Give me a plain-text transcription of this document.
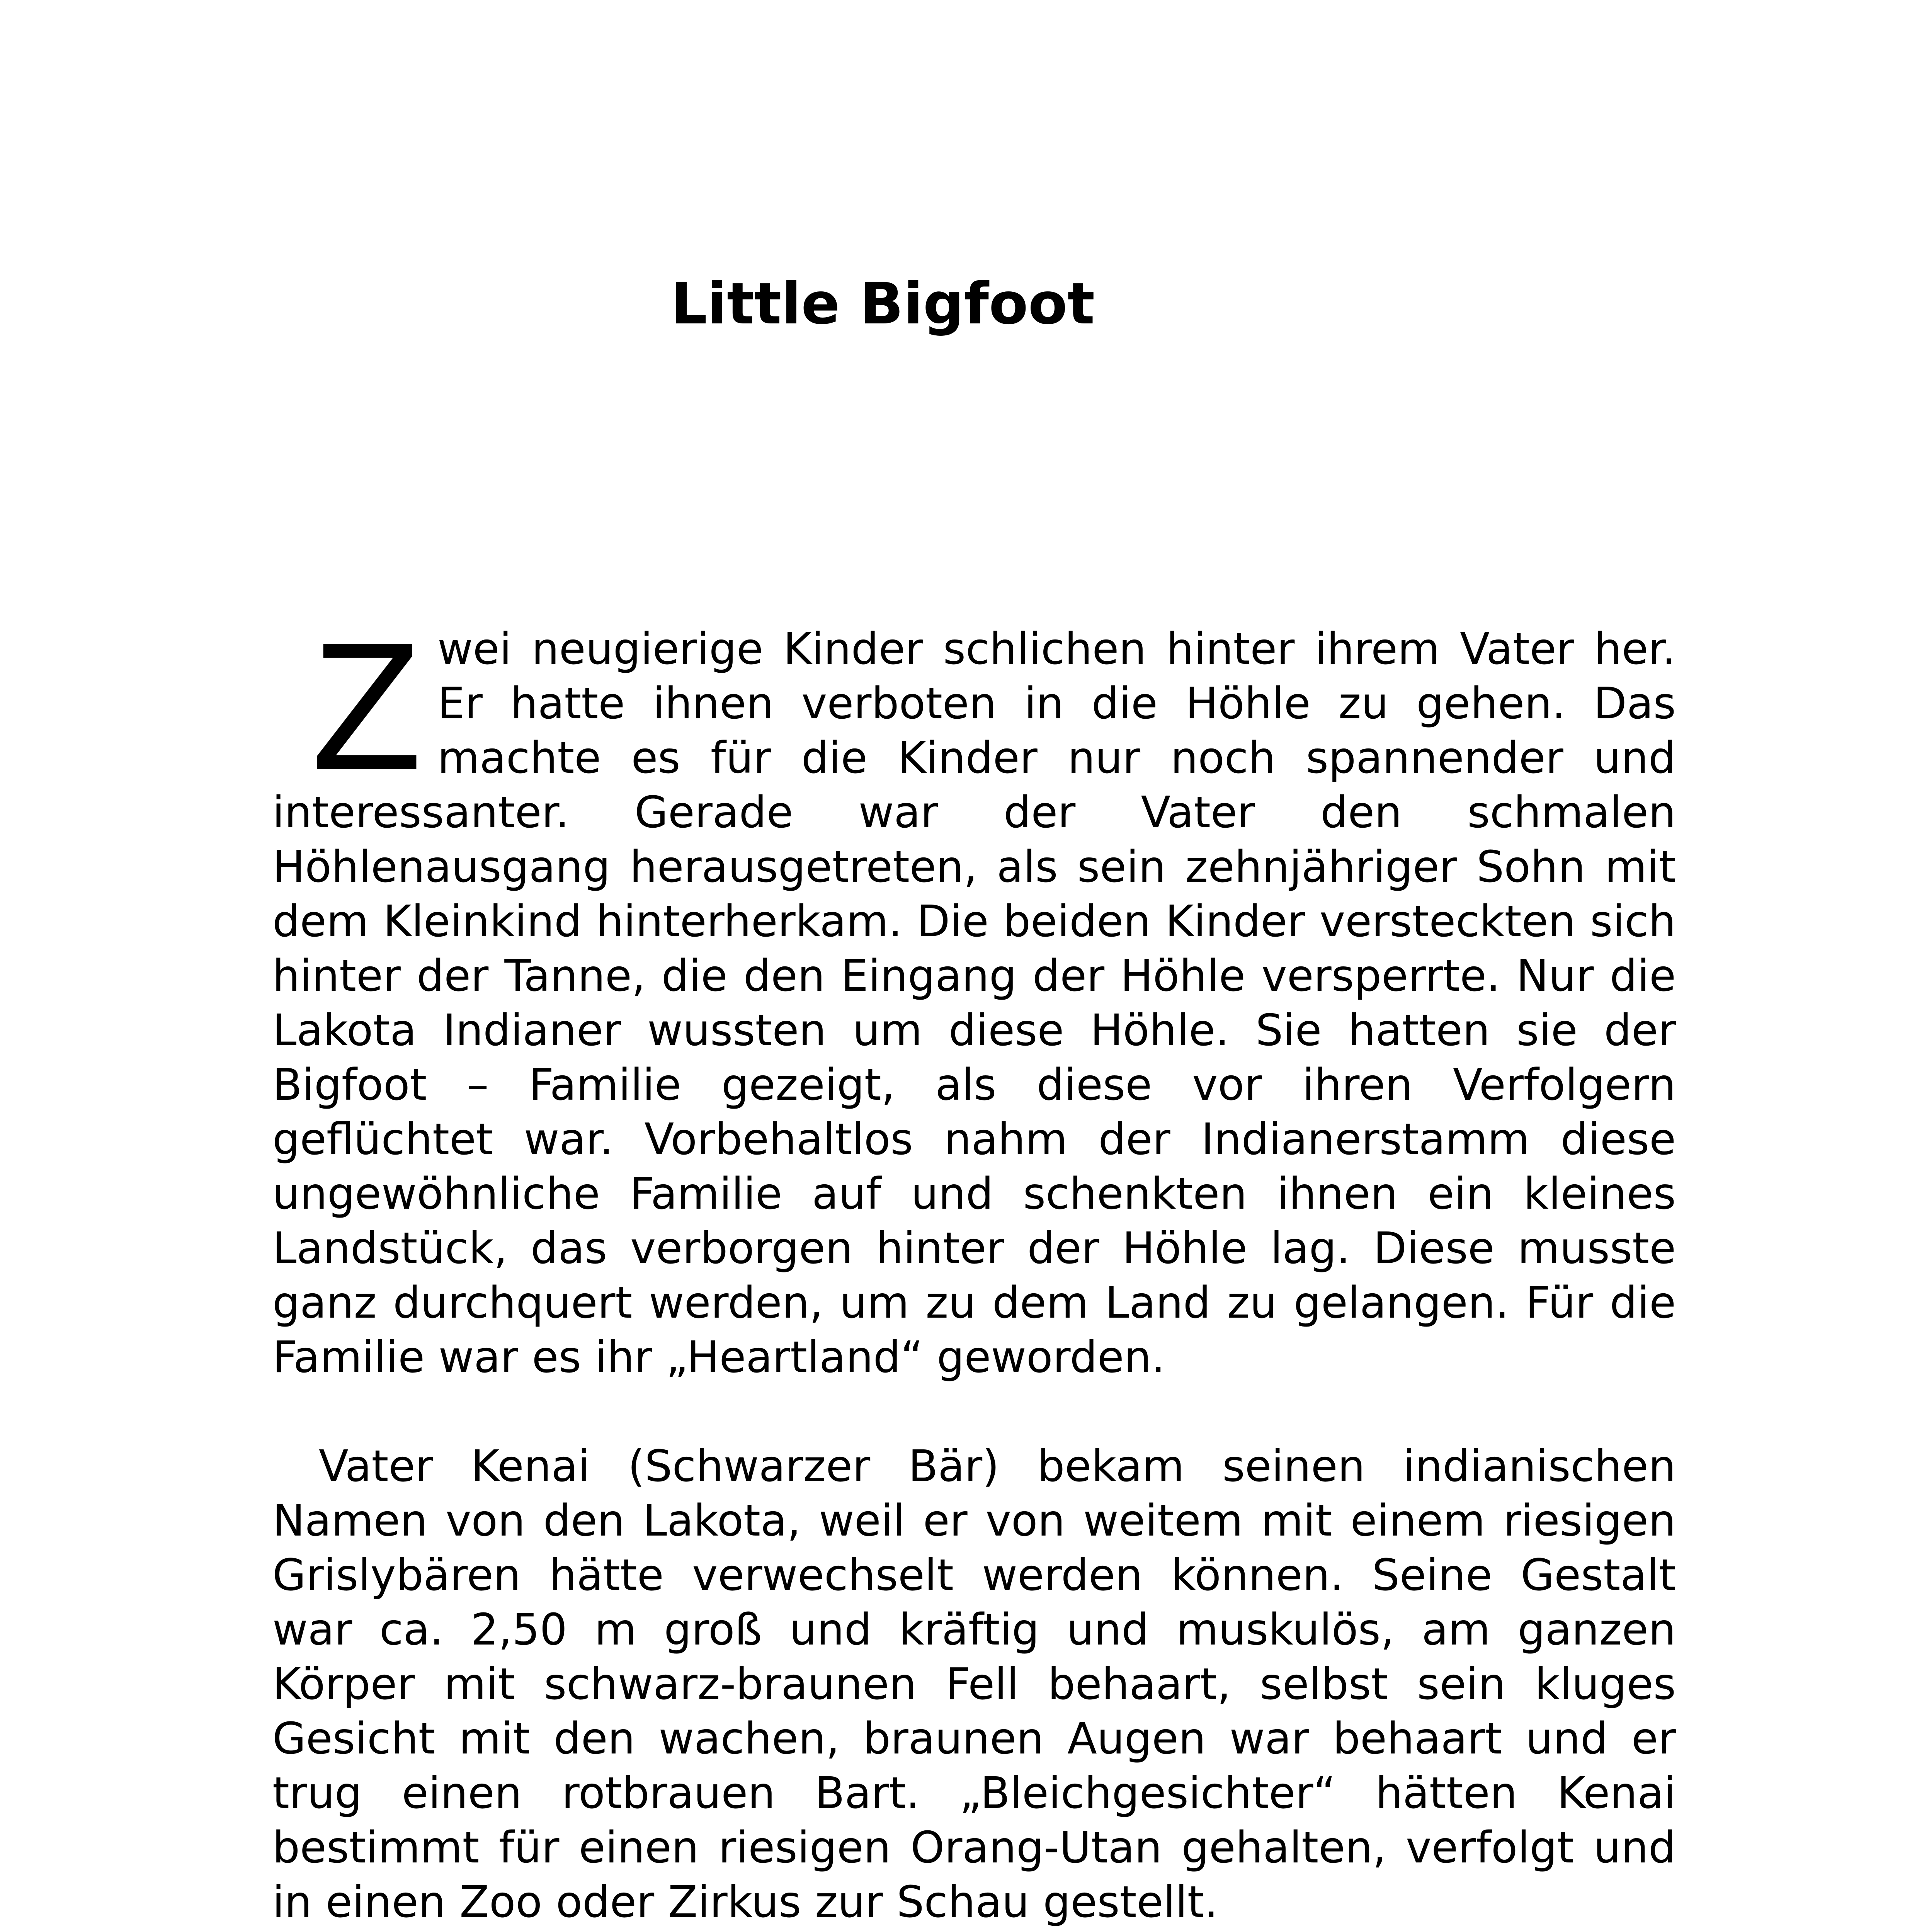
Little Bigfoot

Z wei neugierige Kinder schlichen hinter ihrem Vater her. Er hatte ihnen verboten in die Höhle zu gehen. Das machte es für die Kinder nur noch spannender und interessanter. Gerade war der Vater den schmalen Höhlenausgang herausgetreten, als sein zehnjähriger Sohn mit dem Kleinkind hinterherkam. Die beiden Kinder versteckten sich hinter der Tanne, die den Eingang der Höhle versperrte. Nur die Lakota Indianer wussten um diese Höhle. Sie hatten sie der Bigfoot – Familie gezeigt, als diese vor ihren Verfolgern geflüchtet war. Vorbehaltlos nahm der Indianerstamm diese ungewöhnliche Familie auf und schenkten ihnen ein kleines Landstück, das verborgen hinter der Höhle lag. Diese musste ganz durchquert werden, um zu dem Land zu gelangen. Für die Familie war es ihr „Heartland“ geworden.

Vater Kenai (Schwarzer Bär) bekam seinen indianischen Namen von den Lakota, weil er von weitem mit einem riesigen Grislybären hätte verwechselt werden können. Seine Gestalt war ca. 2,50 m groß und kräftig und muskulös, am ganzen Körper mit schwarz-braunen Fell behaart, selbst sein kluges Gesicht mit den wachen, braunen Augen war behaart und er trug einen rotbrauen Bart. „Bleichgesichter“ hätten Kenai bestimmt für einen riesigen Orang-Utan gehalten, verfolgt und in einen Zoo oder Zirkus zur Schau gestellt.
